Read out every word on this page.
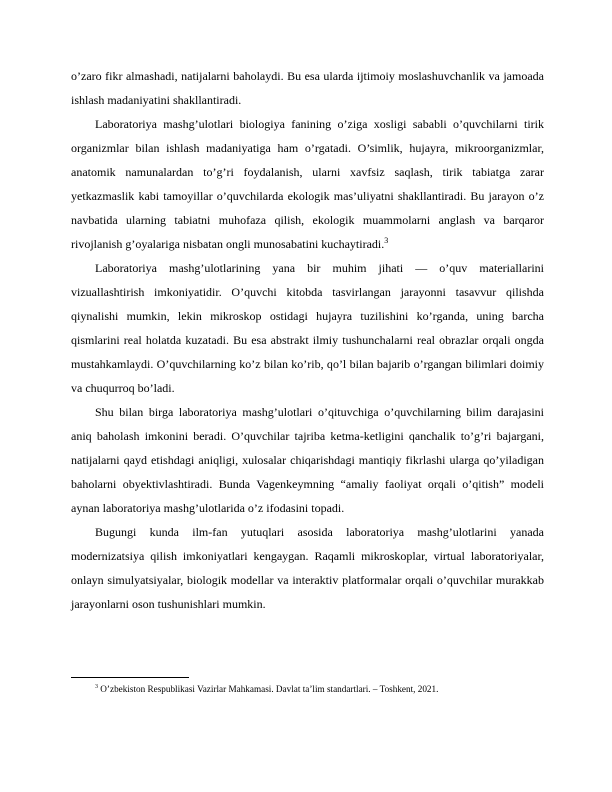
o’zaro fikr almashadi, natijalarni baholaydi. Bu esa ularda ijtimoiy moslashuvchanlik va jamoada ishlash madaniyatini shakllantiradi.

Laboratoriya mashg’ulotlari biologiya fanining o’ziga xosligi sababli o’quvchilarni tirik organizmlar bilan ishlash madaniyatiga ham o’rgatadi. O’simlik, hujayra, mikroorganizmlar, anatomik namunalardan to’g’ri foydalanish, ularni xavfsiz saqlash, tirik tabiatga zarar yetkazmaslik kabi tamoyillar o’quvchilarda ekologik mas’uliyatni shakllantiradi. Bu jarayon o’z navbatida ularning tabiatni muhofaza qilish, ekologik muammolarni anglash va barqaror rivojlanish g’oyalariga nisbatan ongli munosabatini kuchaytiradi.$^3$

Laboratoriya mashg’ulotlarining yana bir muhim jihati — o’quv materiallarini vizuallashtirish imkoniyatidir. O’quvchi kitobda tasvirlangan jarayonni tasavvur qilishda qiynalishi mumkin, lekin mikroskop ostidagi hujayra tuzilishini ko’rganda, uning barcha qismlarini real holatda kuzatadi. Bu esa abstrakt ilmiy tushunchalarni real obrazlar orqali ongda mustahkamlaydi. O’quvchilarning ko’z bilan ko’rib, qo’l bilan bajarib o’rgangan bilimlari doimiy va chuqurroq bo’ladi.

Shu bilan birga laboratoriya mashg’ulotlari o’qituvchiga o’quvchilarning bilim darajasini aniq baholash imkonini beradi. O’quvchilar tajriba ketma-ketligini qanchalik to’g’ri bajargani, natijalarni qayd etishdagi aniqligi, xulosalar chiqarishdagi mantiqiy fikrlashi ularga qo’yiladigan baholarni obyektivlashtiradi. Bunda Vagenkeymning “amaliy faoliyat orqali o’qitish” modeli aynan laboratoriya mashg’ulotlarida o’z ifodasini topadi.

Bugungi kunda ilm-fan yutuqlari asosida laboratoriya mashg’ulotlarini yanada modernizatsiya qilish imkoniyatlari kengaygan. Raqamli mikroskoplar, virtual laboratoriyalar, onlayn simulyatsiyalar, biologik modellar va interaktiv platformalar orqali o’quvchilar murakkab jarayonlarni oson tushunishlari mumkin.

$^3$ O’zbekiston Respublikasi Vazirlar Mahkamasi. Davlat ta’lim standartlari. – Toshkent, 2021.
